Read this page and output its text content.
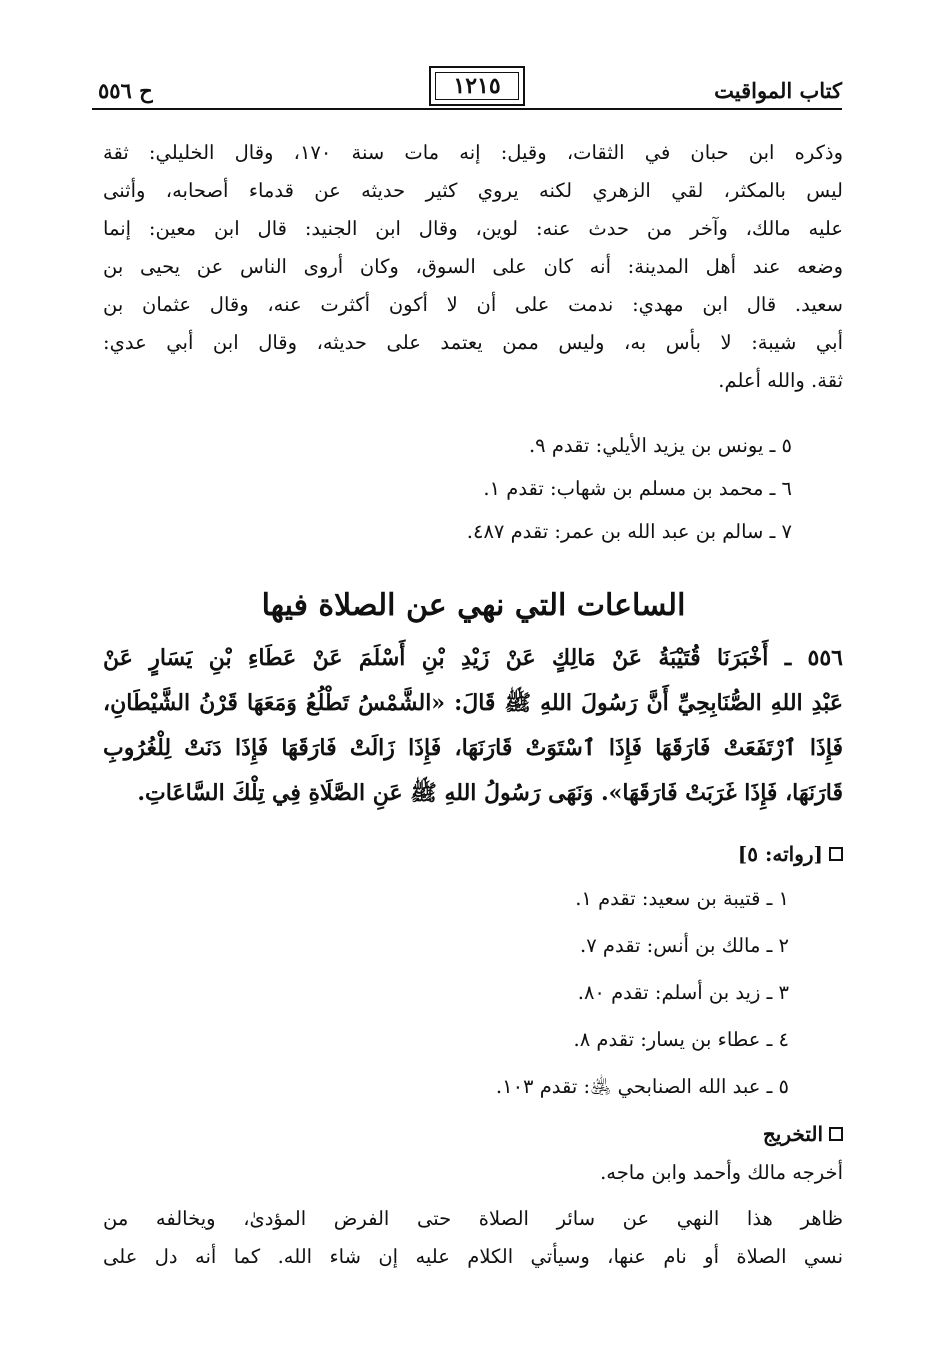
كتاب المواقيت
١٢١٥
ح ٥٥٦
وذكره ابن حبان في الثقات، وقيل: إنه مات سنة ١٧٠، وقال الخليلي: ثقة
ليس بالمكثر، لقي الزهري لكنه يروي كثير حديثه عن قدماء أصحابه، وأثنى
عليه مالك، وآخر من حدث عنه: لوين، وقال ابن الجنيد: قال ابن معين: إنما
وضعه عند أهل المدينة: أنه كان على السوق، وكان أروى الناس عن يحيى بن
سعيد. قال ابن مهدي: ندمت على أن لا أكون أكثرت عنه، وقال عثمان بن
أبي شيبة: لا بأس به، وليس ممن يعتمد على حديثه، وقال ابن أبي عدي:
ثقة. والله أعلم.
٥ ـ يونس بن يزيد الأيلي: تقدم ٩.
٦ ـ محمد بن مسلم بن شهاب: تقدم ١.
٧ ـ سالم بن عبد الله بن عمر: تقدم ٤٨٧.
الساعات التي نهي عن الصلاة فيها
٥٥٦ ـ أَخْبَرَنَا قُتَيْبَةُ عَنْ مَالِكٍ عَنْ زَيْدِ بْنِ أَسْلَمَ عَنْ عَطَاءِ بْنِ يَسَارٍ عَنْ
عَبْدِ اللهِ الصُّنَابِحِيِّ أَنَّ رَسُولَ اللهِ ﷺ قَالَ: «الشَّمْسُ تَطْلُعُ وَمَعَهَا قَرْنُ الشَّيْطَانِ،
فَإِذَا ٱرْتَفَعَتْ فَارَقَهَا فَإِذَا ٱسْتَوَتْ قَارَنَهَا، فَإِذَا زَالَتْ فَارَقَهَا فَإِذَا دَنَتْ لِلْغُرُوبِ
قَارَنَهَا، فَإِذَا غَرَبَتْ فَارَقَهَا». وَنَهَى رَسُولُ اللهِ ﷺ عَنِ الصَّلَاةِ فِي تِلْكَ السَّاعَاتِ.
[رواته: ٥]
١ ـ قتيبة بن سعيد: تقدم ١.
٢ ـ مالك بن أنس: تقدم ٧.
٣ ـ زيد بن أسلم: تقدم ٨٠.
٤ ـ عطاء بن يسار: تقدم ٨.
٥ ـ عبد الله الصنابحي ﵁: تقدم ١٠٣.
التخريج
أخرجه مالك وأحمد وابن ماجه.
ظاهر هذا النهي عن سائر الصلاة حتى الفرض المؤدىٰ، ويخالفه من
نسي الصلاة أو نام عنها، وسيأتي الكلام عليه إن شاء الله. كما أنه دل على
